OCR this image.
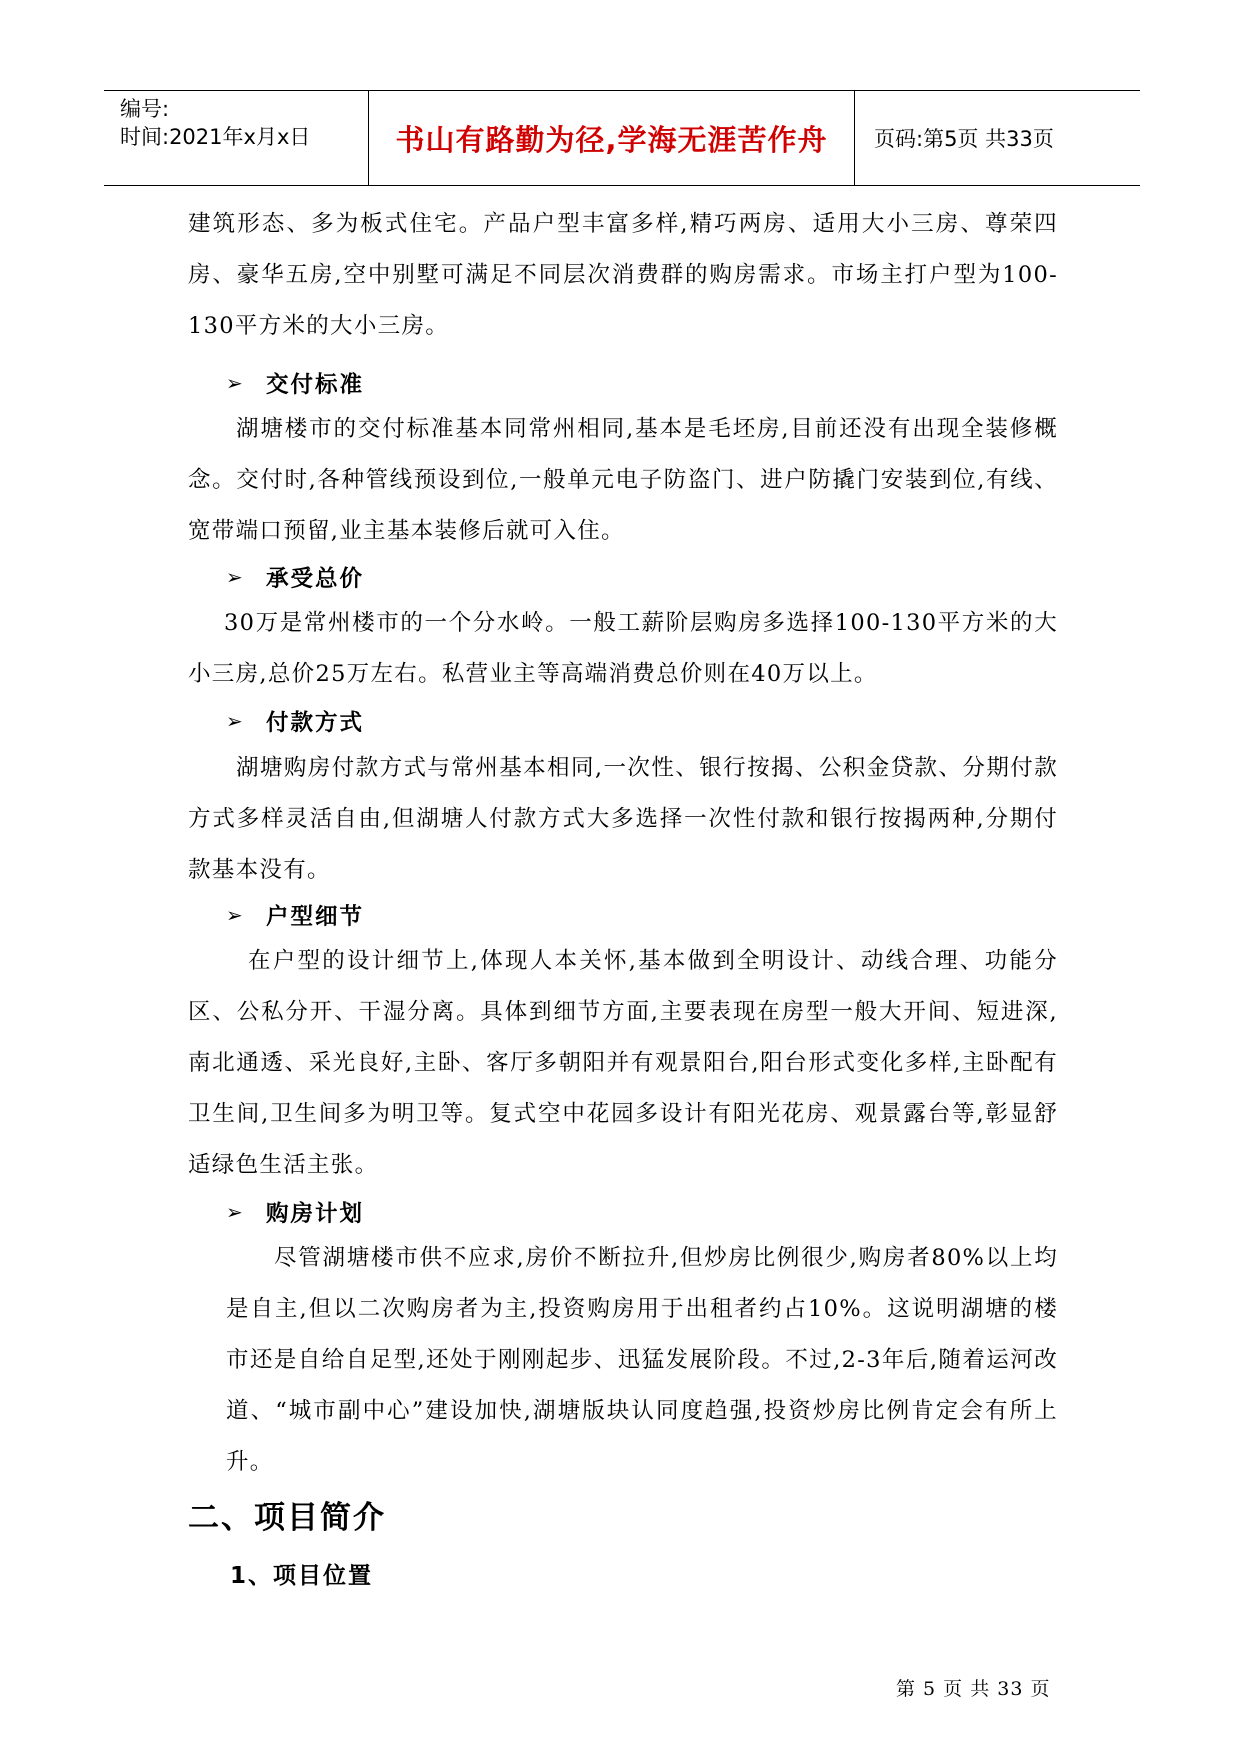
编号:
时间:2021年x月x日	书山有路勤为径,学海无涯苦作舟	页码:第5页 共33页
建筑形态、多为板式住宅。产品户型丰富多样,精巧两房、适用大小三房、尊荣四房、豪华五房,空中别墅可满足不同层次消费群的购房需求。市场主打户型为100-130平方米的大小三房。
➢	交付标准
湖塘楼市的交付标准基本同常州相同,基本是毛坯房,目前还没有出现全装修概念。交付时,各种管线预设到位,一般单元电子防盗门、进户防撬门安装到位,有线、宽带端口预留,业主基本装修后就可入住。
➢	承受总价
30万是常州楼市的一个分水岭。一般工薪阶层购房多选择100-130平方米的大小三房,总价25万左右。私营业主等高端消费总价则在40万以上。
➢	付款方式
湖塘购房付款方式与常州基本相同,一次性、银行按揭、公积金贷款、分期付款方式多样灵活自由,但湖塘人付款方式大多选择一次性付款和银行按揭两种,分期付款基本没有。
➢	户型细节
在户型的设计细节上,体现人本关怀,基本做到全明设计、动线合理、功能分区、公私分开、干湿分离。具体到细节方面,主要表现在房型一般大开间、短进深,南北通透、采光良好,主卧、客厅多朝阳并有观景阳台,阳台形式变化多样,主卧配有卫生间,卫生间多为明卫等。复式空中花园多设计有阳光花房、观景露台等,彰显舒适绿色生活主张。
➢	购房计划
尽管湖塘楼市供不应求,房价不断拉升,但炒房比例很少,购房者80%以上均是自主,但以二次购房者为主,投资购房用于出租者约占10%。这说明湖塘的楼市还是自给自足型,还处于刚刚起步、迅猛发展阶段。不过,2-3年后,随着运河改道、“城市副中心”建设加快,湖塘版块认同度趋强,投资炒房比例肯定会有所上升。
二、项目简介
1、项目位置
第 5 页 共 33 页
